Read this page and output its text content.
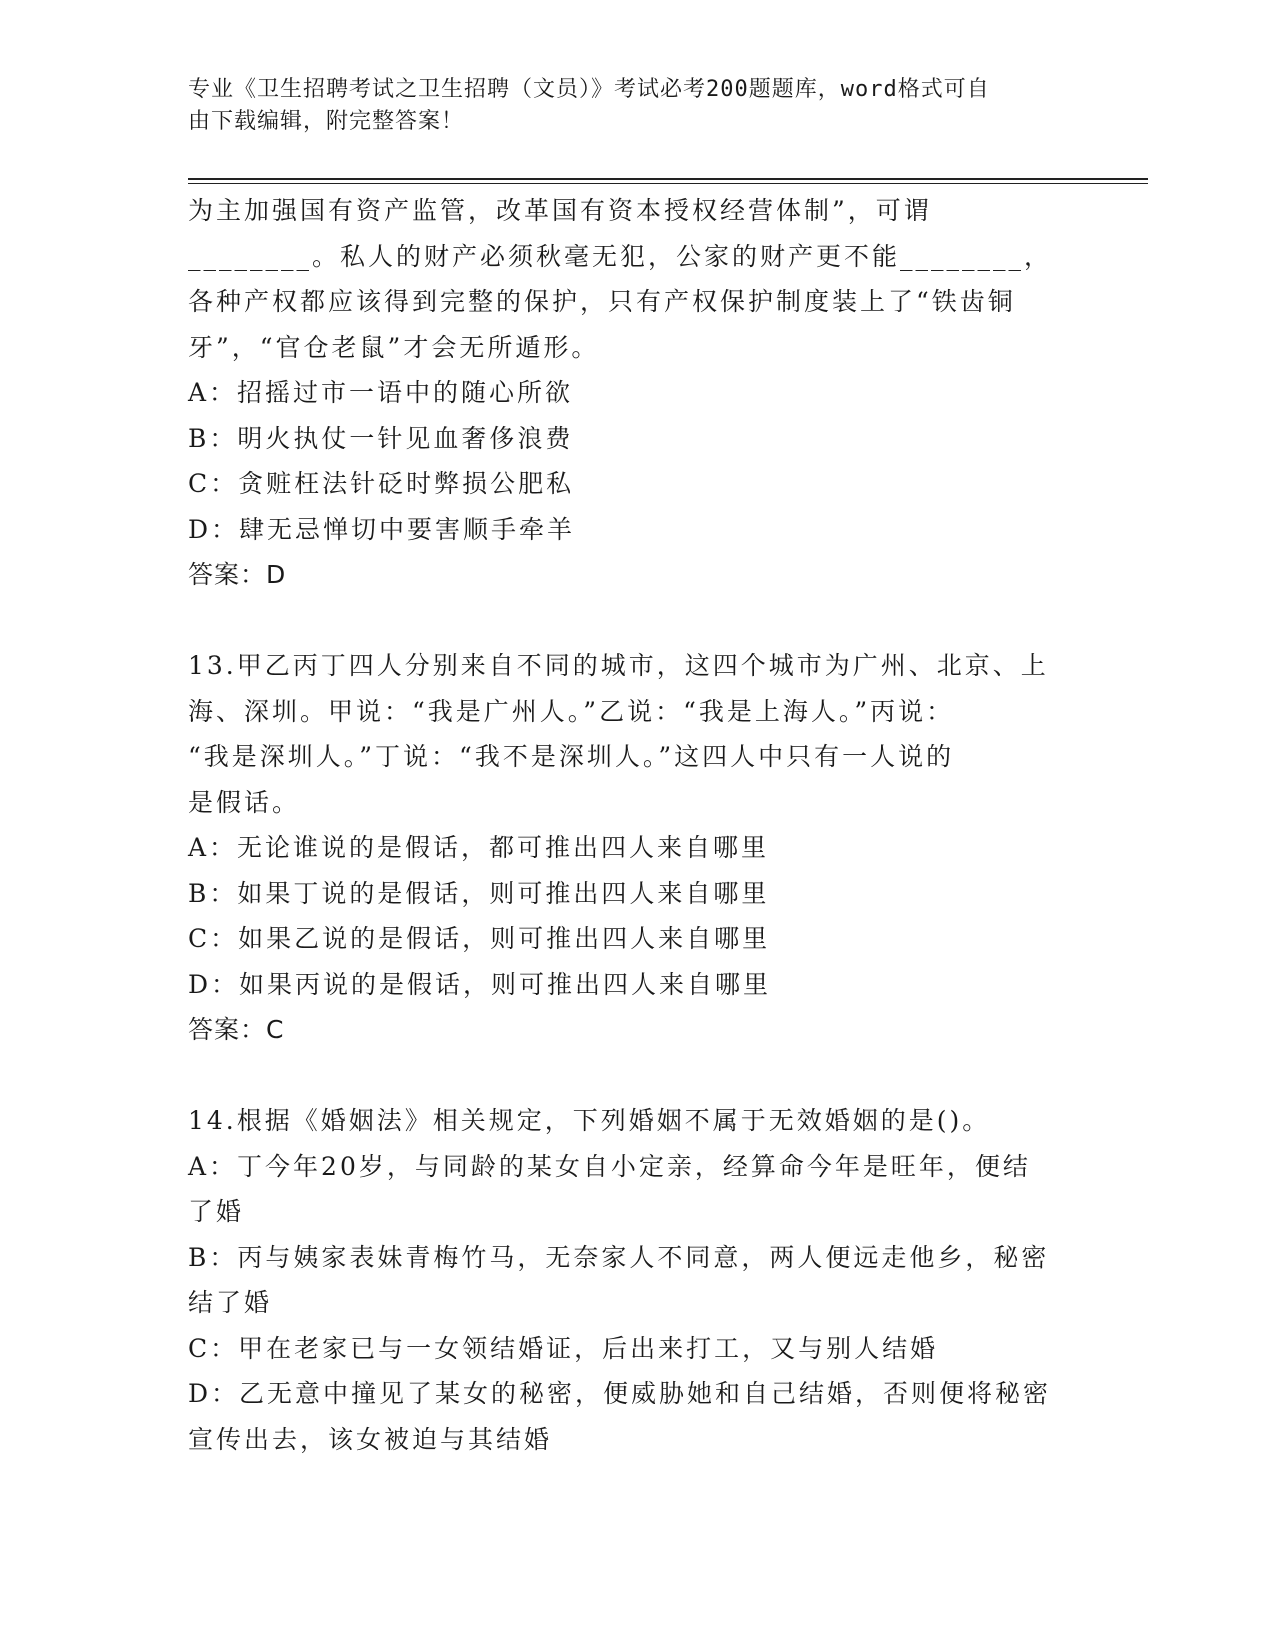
专业《卫生招聘考试之卫生招聘（文员）》考试必考200题题库，word格式可自
由下载编辑，附完整答案！
为主加强国有资产监管，改革国有资本授权经营体制”，可谓
________。私人的财产必须秋毫无犯，公家的财产更不能________，
各种产权都应该得到完整的保护，只有产权保护制度装上了“铁齿铜
牙”，“官仓老鼠”才会无所遁形。
A：招摇过市一语中的随心所欲
B：明火执仗一针见血奢侈浪费
C：贪赃枉法针砭时弊损公肥私
D：肆无忌惮切中要害顺手牵羊
答案：D
13.甲乙丙丁四人分别来自不同的城市，这四个城市为广州、北京、上
海、深圳。甲说：“我是广州人。”乙说：“我是上海人。”丙说：
“我是深圳人。”丁说：“我不是深圳人。”这四人中只有一人说的
是假话。
A：无论谁说的是假话，都可推出四人来自哪里
B：如果丁说的是假话，则可推出四人来自哪里
C：如果乙说的是假话，则可推出四人来自哪里
D：如果丙说的是假话，则可推出四人来自哪里
答案：C
14.根据《婚姻法》相关规定，下列婚姻不属于无效婚姻的是()。
A：丁今年20岁，与同龄的某女自小定亲，经算命今年是旺年，便结
了婚
B：丙与姨家表妹青梅竹马，无奈家人不同意，两人便远走他乡，秘密
结了婚
C：甲在老家已与一女领结婚证，后出来打工，又与别人结婚
D：乙无意中撞见了某女的秘密，便威胁她和自己结婚，否则便将秘密
宣传出去，该女被迫与其结婚
